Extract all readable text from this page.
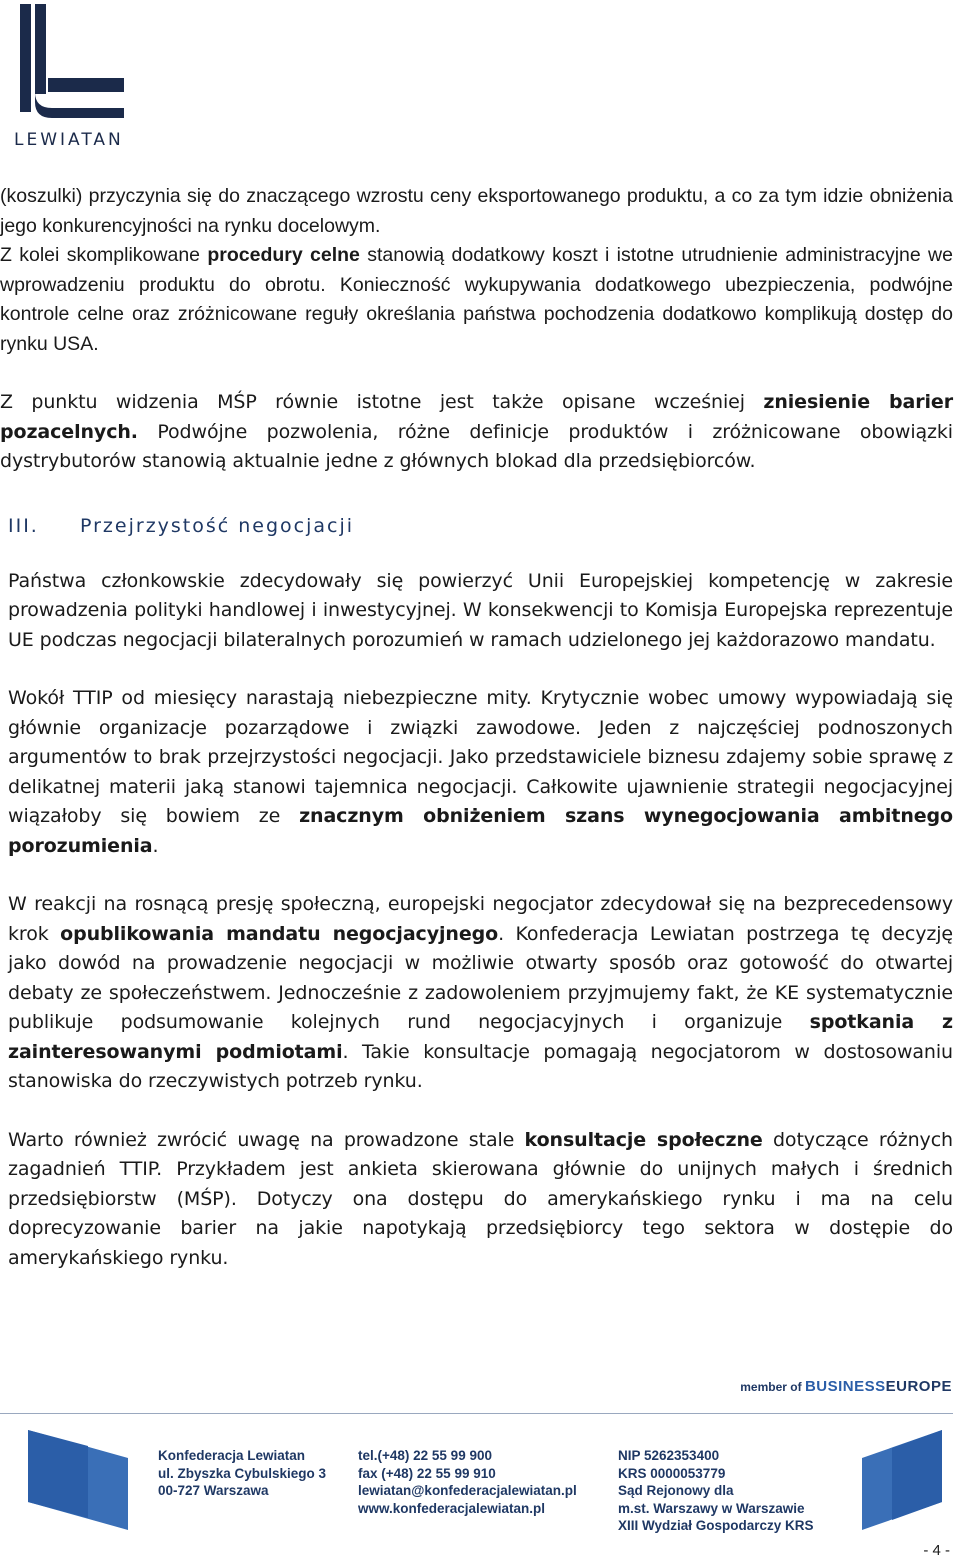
LEWIATAN

(koszulki) przyczynia się do znaczącego wzrostu ceny eksportowanego produktu, a co za tym idzie obniżenia jego konkurencyjności na rynku docelowym.

Z kolei skomplikowane procedury celne stanowią dodatkowy koszt i istotne utrudnienie administracyjne we wprowadzeniu produktu do obrotu. Konieczność wykupywania dodatkowego ubezpieczenia, podwójne kontrole celne oraz zróżnicowane reguły określania państwa pochodzenia dodatkowo komplikują dostęp do rynku USA.

Z punktu widzenia MŚP równie istotne jest także opisane wcześniej zniesienie barier pozacelnych. Podwójne pozwolenia, różne definicje produktów i zróżnicowane obowiązki dystrybutorów stanowią aktualnie jedne z głównych blokad dla przedsiębiorców.

III. Przejrzystość negocjacji

Państwa członkowskie zdecydowały się powierzyć Unii Europejskiej kompetencję w zakresie prowadzenia polityki handlowej i inwestycyjnej. W konsekwencji to Komisja Europejska reprezentuje UE podczas negocjacji bilateralnych porozumień w ramach udzielonego jej każdorazowo mandatu.

Wokół TTIP od miesięcy narastają niebezpieczne mity. Krytycznie wobec umowy wypowiadają się głównie organizacje pozarządowe i związki zawodowe. Jeden z najczęściej podnoszonych argumentów to brak przejrzystości negocjacji. Jako przedstawiciele biznesu zdajemy sobie sprawę z delikatnej materii jaką stanowi tajemnica negocjacji. Całkowite ujawnienie strategii negocjacyjnej wiązałoby się bowiem ze znacznym obniżeniem szans wynegocjowania ambitnego porozumienia.

W reakcji na rosnącą presję społeczną, europejski negocjator zdecydował się na bezprecedensowy krok opublikowania mandatu negocjacyjnego. Konfederacja Lewiatan postrzega tę decyzję jako dowód na prowadzenie negocjacji w możliwie otwarty sposób oraz gotowość do otwartej debaty ze społeczeństwem. Jednocześnie z zadowoleniem przyjmujemy fakt, że KE systematycznie publikuje podsumowanie kolejnych rund negocjacyjnych i organizuje spotkania z zainteresowanymi podmiotami. Takie konsultacje pomagają negocjatorom w dostosowaniu stanowiska do rzeczywistych potrzeb rynku.

Warto również zwrócić uwagę na prowadzone stale konsultacje społeczne dotyczące różnych zagadnień TTIP. Przykładem jest ankieta skierowana głównie do unijnych małych i średnich przedsiębiorstw (MŚP). Dotyczy ona dostępu do amerykańskiego rynku i ma na celu doprecyzowanie barier na jakie napotykają przedsiębiorcy tego sektora w dostępie do amerykańskiego rynku.

member of BUSINESSEUROPE
Konfederacja Lewiatan
ul. Zbyszka Cybulskiego 3
00-727 Warszawa
tel.(+48) 22 55 99 900
fax (+48) 22 55 99 910
lewiatan@konfederacjalewiatan.pl
www.konfederacjalewiatan.pl
NIP 5262353400
KRS 0000053779
Sąd Rejonowy dla
m.st. Warszawy w Warszawie
XIII Wydział Gospodarczy KRS
- 4 -
